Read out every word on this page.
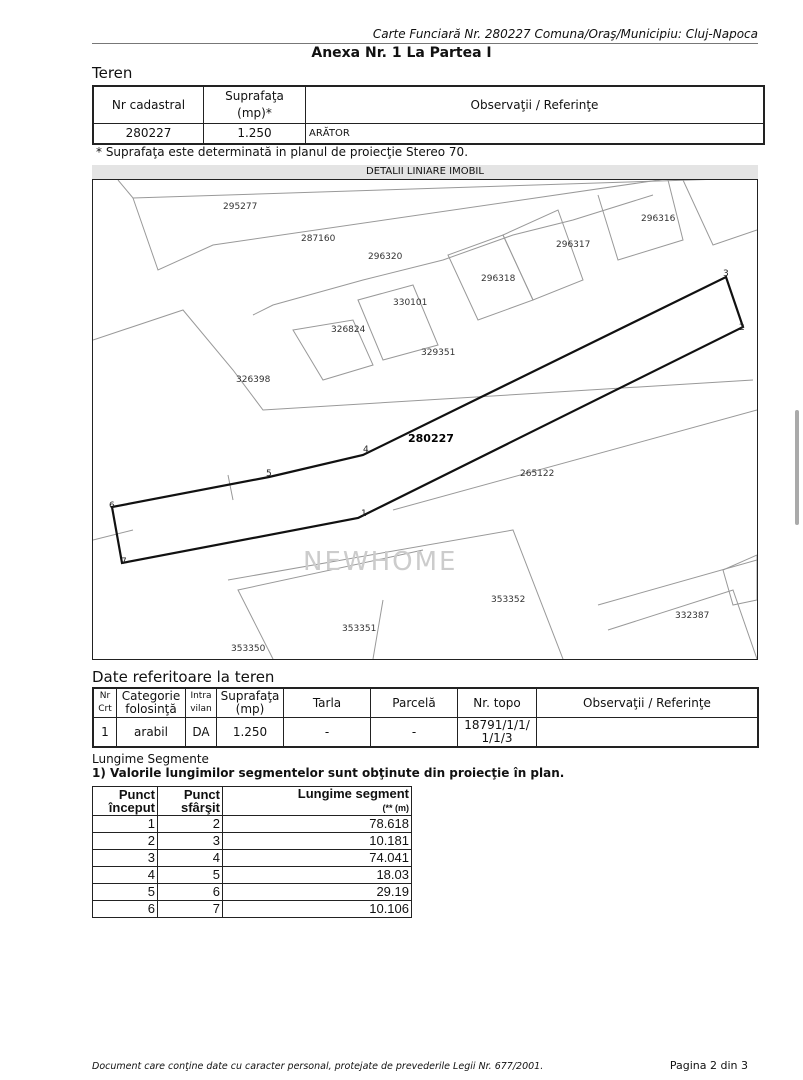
Carte Funciară Nr. 280227 Comuna/Oraş/Municipiu: Cluj-Napoca
Anexa Nr. 1 La Partea I
Teren
Nr cadastral	Suprafaţa (mp)*	Observaţii / Referinţe
280227	1.250	ARĂTOR
* Suprafaţa este determinată in planul de proiecţie Stereo 70.
DETALII LINIARE IMOBIL
NEWHOME
1
2
3
4
5
6
7
280227
295277
287160
296320
296316
296317
296318
330101
326824
329351
326398
265122
353352
332387
353351
353350
Date referitoare la teren
Nr Crt	Categorie folosinţă	Intra vilan	Suprafaţa (mp)	Tarla	Parcelă	Nr. topo	Observaţii / Referinţe
1	arabil	DA	1.250	-	-	18791/1/1/1/1/3	
Lungime Segmente
1) Valorile lungimilor segmentelor sunt obţinute din proiecţie în plan.
Punct început	Punct sfârşit	Lungime segment
(** (m)
1	2	78.618
2	3	10.181
3	4	74.041
4	5	18.03
5	6	29.19
6	7	10.106
Document care conţine date cu caracter personal, protejate de prevederile Legii Nr. 677/2001.	Pagina 2 din 3
